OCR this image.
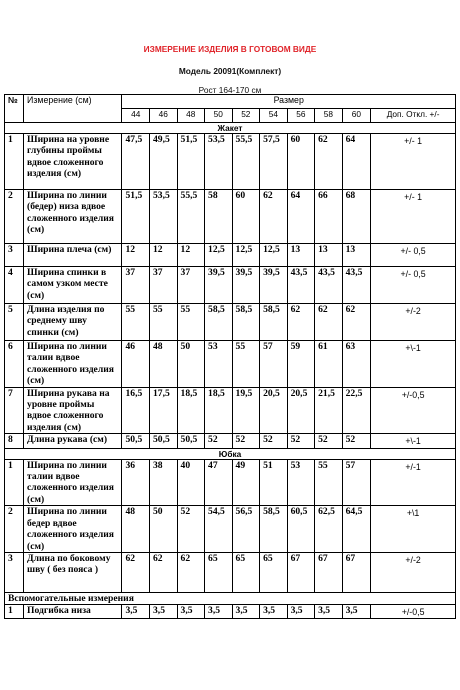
ИЗМЕРЕНИЕ ИЗДЕЛИЯ В ГОТОВОМ ВИДЕ
Модель 20091(Комплект)
Рост 164-170 см
№	Измерение (см)	Размер									
		44	46	48	50	52	54	56	58	60	Доп. Откл. +/-
Жакет											
1	Ширина на уровне глубины проймы вдвое сложенного изделия (см)	47,5	49,5	51,5	53,5	55,5	57,5	60	62	64	+/- 1
2	Ширина по линии (бедер) низа вдвое сложенного изделия (см)	51,5	53,5	55,5	58	60	62	64	66	68	+/- 1
3	Ширина плеча (см)	12	12	12	12,5	12,5	12,5	13	13	13	+/- 0,5
4	Ширина спинки в самом узком месте (см)	37	37	37	39,5	39,5	39,5	43,5	43,5	43,5	+/- 0,5
5	Длина изделия по среднему шву спинки (см)	55	55	55	58,5	58,5	58,5	62	62	62	+/-2
6	Ширина по линии талии вдвое сложенного изделия (см)	46	48	50	53	55	57	59	61	63	+\-1
7	Ширина рукава на уровне проймы вдвое сложенного изделия (см)	16,5	17,5	18,5	18,5	19,5	20,5	20,5	21,5	22,5	+/-0,5
8	Длина рукава (см)	50,5	50,5	50,5	52	52	52	52	52	52	+\-1
Юбка											
1	Ширина по линии талии вдвое сложенного изделия (см)	36	38	40	47	49	51	53	55	57	+/-1
2	Ширина по линии бедер вдвое сложенного изделия (см)	48	50	52	54,5	56,5	58,5	60,5	62,5	64,5	+\1
3	Длина по боковому шву ( без пояса )	62	62	62	65	65	65	67	67	67	+/-2
Вспомогательные измерения											
1	Подгибка низа	3,5	3,5	3,5	3,5	3,5	3,5	3,5	3,5	3,5	+/-0,5
